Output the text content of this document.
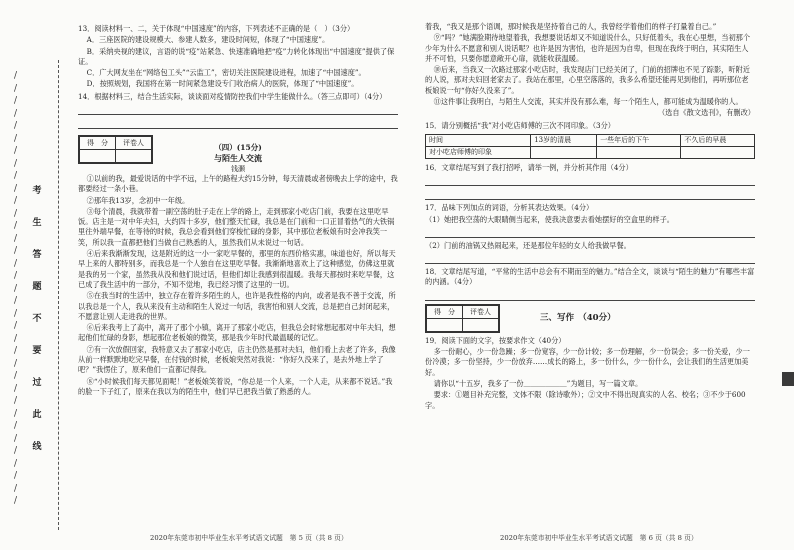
/
/
/
/
/
/
/
/
/
/
/
/
/
/
/
/
/
/
/
/
/
/
/
/
/
/
/
/
/
/
/
/
/
/
/
考
生
答
题
不
要
过
此
线
13．阅读材料一、二，关于体现“中国速度”的内容，下列表述不正确的是（　）（3分）
A．三座医院的建设规模大、参建人数多，建设时间短，体现了“中国速度”。
B．采纳央视的建议，言语的说“疫”站紧急、快速准确地把“疫”力转化体现出“中国速度”提供了保证。
C．广大网友坐在“网络包工头”“云监工”，密切关注医院建设进程，加速了“中国速度”。
D．按照规划，我国将在第一时间紧急建设专门收治病人的医院，体现了“中国速度”。
14．根据材料三，结合生活实际，谈谈面对疫情防控我们中学生能做什么。（答三点即可）（4分）
得　分	评卷人

（四）(15分)
与陌生人交流
钱灏
①以前的我，最爱说话的中学不远，上午的路程大约15分钟，每天清晨或者傍晚去上学的途中，我都要经过一条小巷。
②那年我13岁，念初中一年级。
③每个清晨，我就带着一副空荡的肚子走在上学的路上，走到那家小吃店门前，我要在这里吃早饭。店主是一对中年夫妇，大约四十多岁，他们整天忙碌，我总是在门前和一口正冒着热气的大铁锅里往外端早餐，在等待的时候，我总会看到他们穿梭忙碌的身影，其中那位老板娘有时会冲我笑一笑，所以我一直都把他们当做自己熟悉的人，虽然我们从未说过一句话。
④后来我渐渐发现，这是附近的这一小一家吃早餐的，那里的东西价格实惠，味道也好，所以每天早上来的人都特别多，而我总是一个人独自在这里吃早餐。我渐渐地喜欢上了这种感觉，仿佛这里就是我的另一个家，虽然我从没和他们说过话，但他们却让我感到很温暖。我每天都按时来吃早餐，这已成了我生活中的一部分，不知不觉地，我已经习惯了这里的一切。
⑤在我当时的生活中，独立存在着许多陌生的人，也许是我性格的内向，或者是我不善于交流，所以我总是一个人，我从来没有主动和陌生人说过一句话，我害怕和别人交流，总是把自己封闭起来，不愿意让别人走进我的世界。
⑥后来我考上了高中，离开了那个小镇，离开了那家小吃店，但我总会时常想起那对中年夫妇，想起他们忙碌的身影，想起那位老板娘的微笑，那是我少年时代最温暖的记忆。
⑦有一次放假回家，我特意又去了那家小吃店，店主仍然是那对夫妇，他们看上去老了许多，我像从前一样默默地吃完早餐，在付钱的时候，老板娘突然对我说：“你好久没来了，是去外地上学了吧？”我愣住了，原来他们一直都记得我。
⑧“小时候我们每天都见面呢！”老板娘笑着说，“你总是一个人来，一个人走，从来都不说话。”我的脸一下子红了，原来在我以为的陌生中，他们早已把我当做了熟悉的人。
着我，“我又是那个语调，那时候我是坚持着自己的人，我曾经学着他们的样子打量着自己。”
⑨“吗？”她满脸期待地望着我，我想要说话却又不知道说什么，只好低着头，我在心里想，当初那个少年为什么不愿意和别人说话呢？也许是因为害怕，也许是因为自卑，但现在我终于明白，其实陌生人并不可怕，只要你愿意敞开心扉，就能收获温暖。
⑩后来，当我又一次路过那家小吃店时，我发现店门已经关闭了，门前的招牌也不见了踪影，听附近的人说，那对夫妇回老家去了。我站在那里，心里空落落的，我多么希望还能再见到他们，再听那位老板娘说一句“你好久没来了”。
⑪这件事让我明白，与陌生人交流，其实并没有那么难，每一个陌生人，都可能成为温暖你的人。
（选自《散文选刊》，有删改）
15．请分别概括“我”对小吃店师傅的三次不同印象。（3分）
时间	13岁的清晨	一些年后的下午	不久后的早晨
对小吃店师傅的印象			
16．文章结尾写到了我打招呼，请举一例，并分析其作用（4分）
17．品味下列加点的词语，分析其表达效果。（4分）
（1）她把我空荡的大眼睛侧当起来，使我决意要去看她摆好的空盒里的样子。
（2）门前的油锅又热闹起来，还是那位年轻的女人给我做早餐。
18．文章结尾写道，“平常的生活中总会有不期而至的魅力。”结合全文，谈谈与“陌生的魅力”有哪些丰富的内涵。（4分）
得　分	评卷人

三、写作　（40分）
19．阅读下面的文字，按要求作文（40分）
多一份耐心，少一份急躁；多一份宽容，少一份计较；多一份理解，少一份误会；多一份关爱，少一份冷漠；多一份坚持，少一份放弃……成长的路上，多一份什么，少一份什么，会让我们的生活更加美好。
请你以“十五岁，我多了一份＿＿＿＿＿＿”为题目，写一篇文章。
要求：①题目补充完整，文体不限（除诗歌外）；②文中不得出现真实的人名、校名；③不少于600字。
2020年东莞市初中毕业生水平考试语文试题　第 5 页（共 8 页）	2020年东莞市初中毕业生水平考试语文试题　第 6 页（共 8 页）
